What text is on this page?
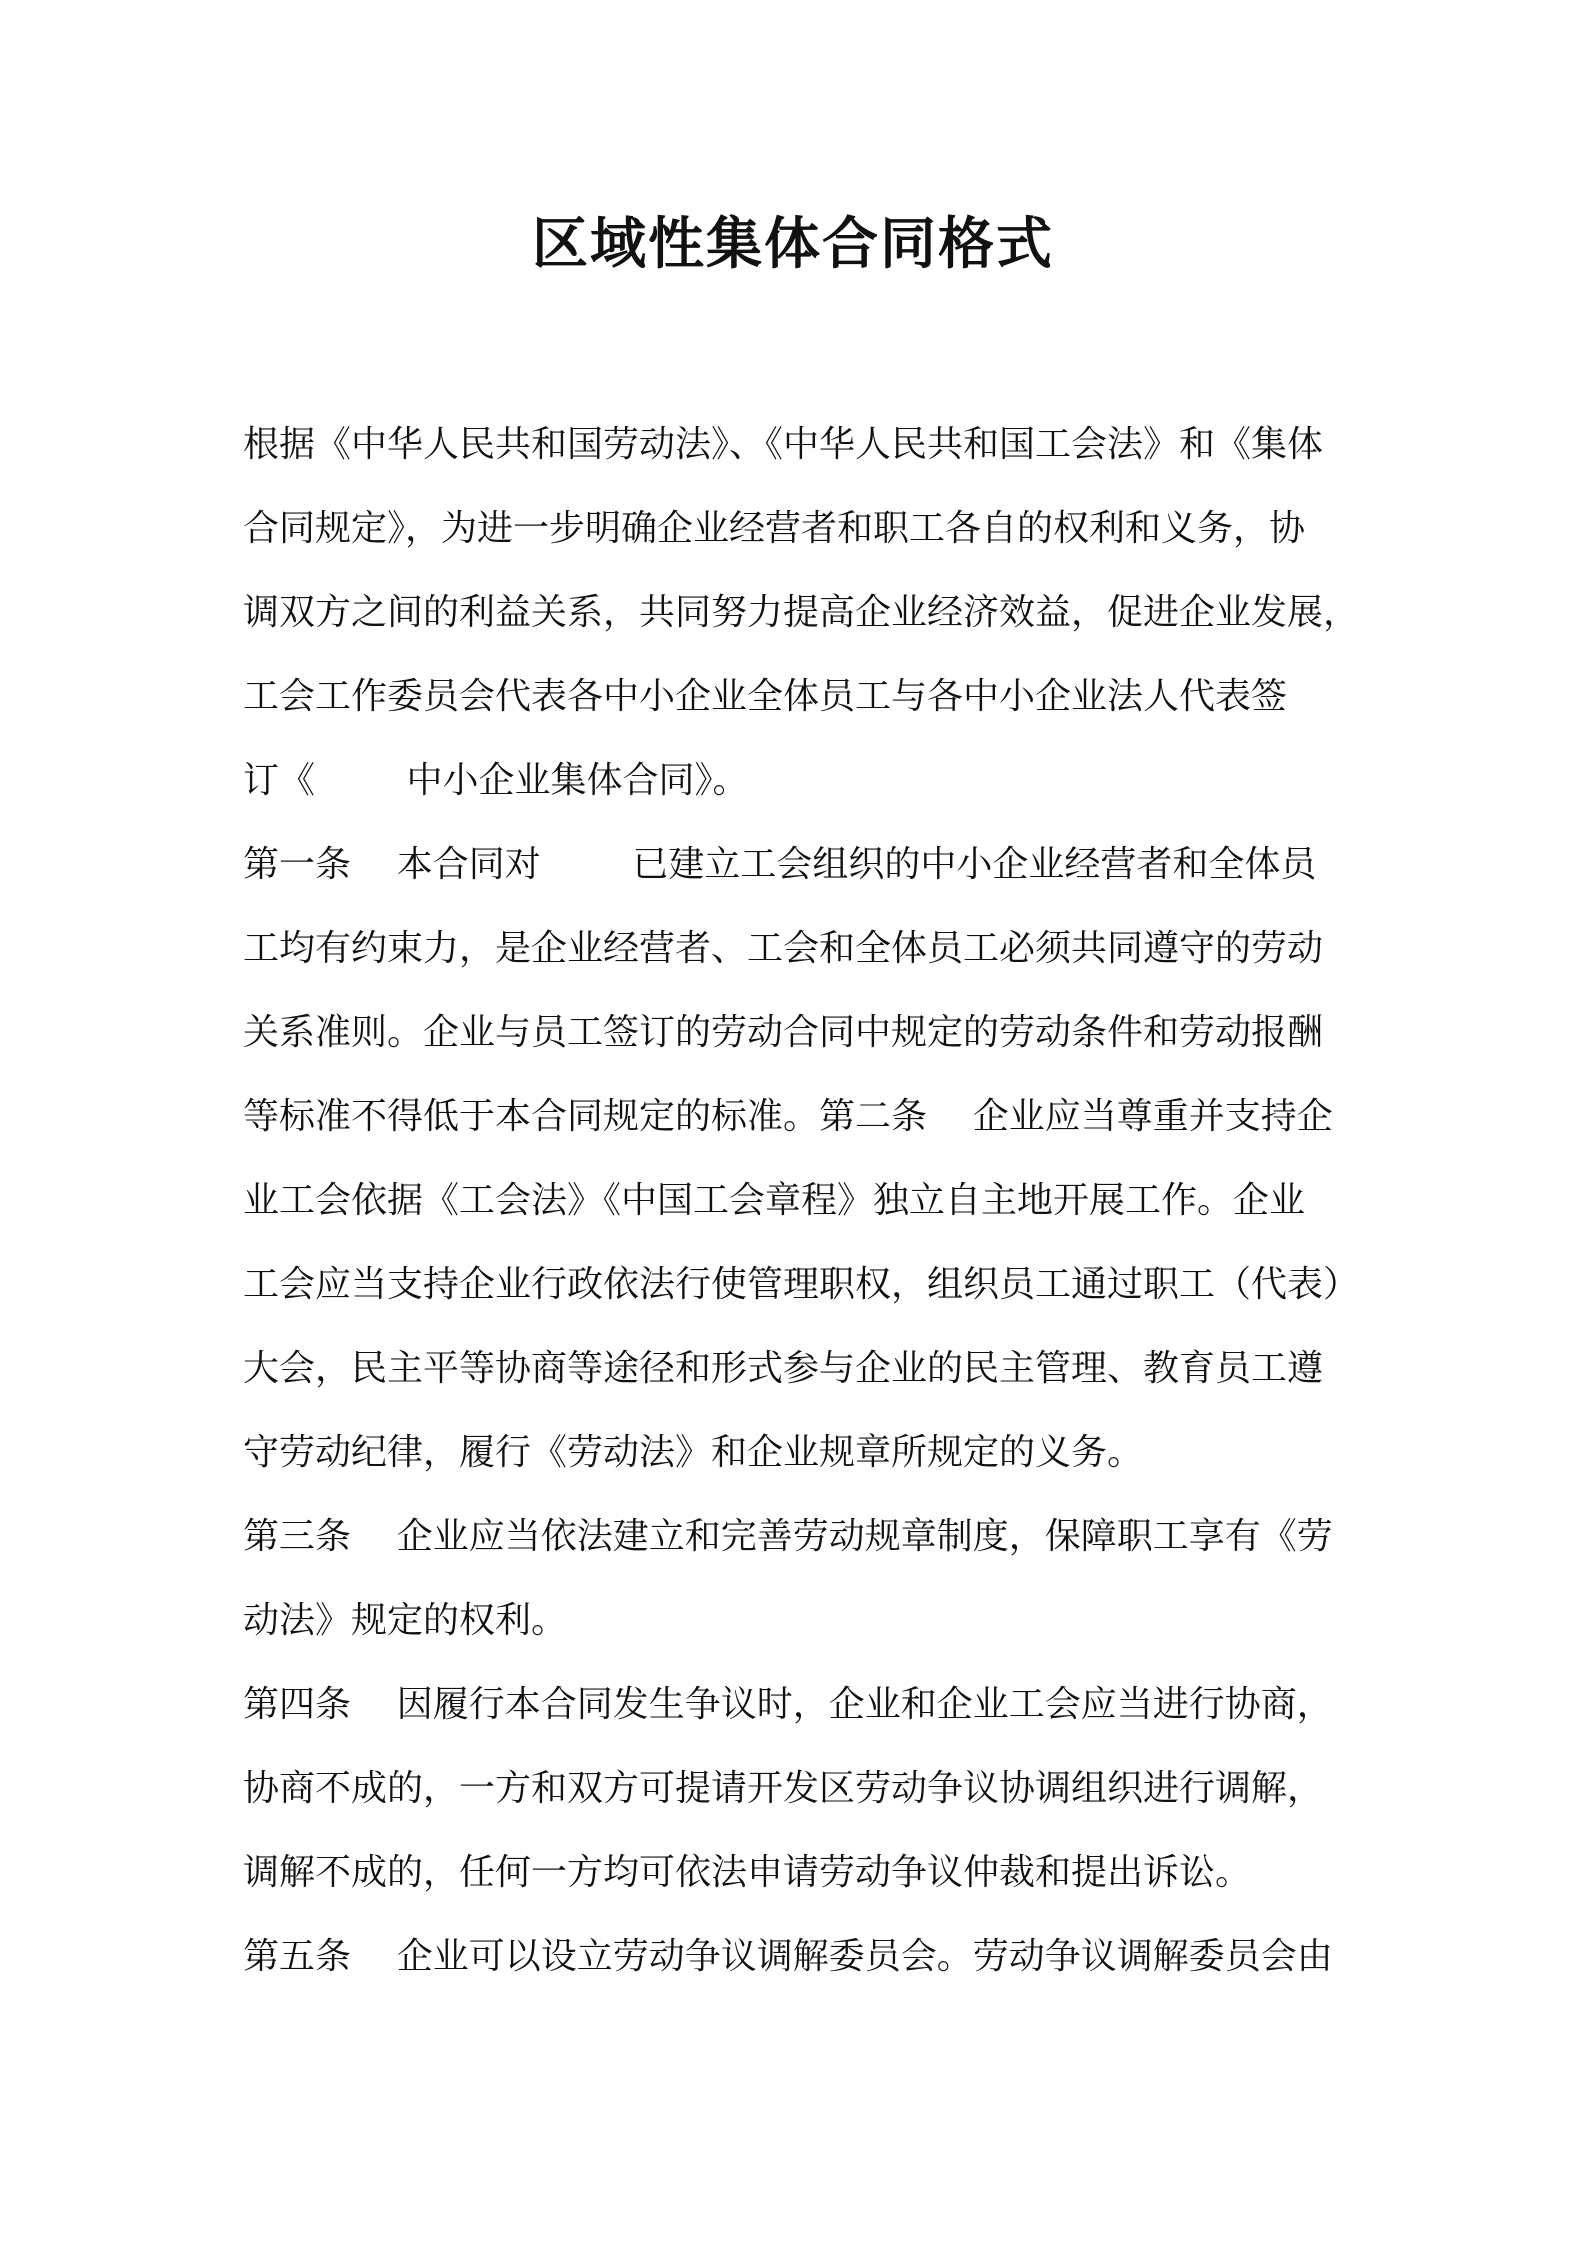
区域性集体合同格式
根据《中华人民共和国劳动法》、《中华人民共和国工会法》和《集体
合同规定》，为进一步明确企业经营者和职工各自的权利和义务，协
调双方之间的利益关系，共同努力提高企业经济效益，促进企业发展，
工会工作委员会代表各中小企业全体员工与各中小企业法人代表签
订《        中小企业集体合同》。
第一条    本合同对        已建立工会组织的中小企业经营者和全体员
工均有约束力，是企业经营者、工会和全体员工必须共同遵守的劳动
关系准则。企业与员工签订的劳动合同中规定的劳动条件和劳动报酬
等标准不得低于本合同规定的标准。第二条    企业应当尊重并支持企
业工会依据《工会法》《中国工会章程》独立自主地开展工作。企业
工会应当支持企业行政依法行使管理职权，组织员工通过职工（代表）
大会，民主平等协商等途径和形式参与企业的民主管理、教育员工遵
守劳动纪律，履行《劳动法》和企业规章所规定的义务。
第三条    企业应当依法建立和完善劳动规章制度，保障职工享有《劳
动法》规定的权利。
第四条    因履行本合同发生争议时，企业和企业工会应当进行协商，
协商不成的，一方和双方可提请开发区劳动争议协调组织进行调解，
调解不成的，任何一方均可依法申请劳动争议仲裁和提出诉讼。
第五条    企业可以设立劳动争议调解委员会。劳动争议调解委员会由
